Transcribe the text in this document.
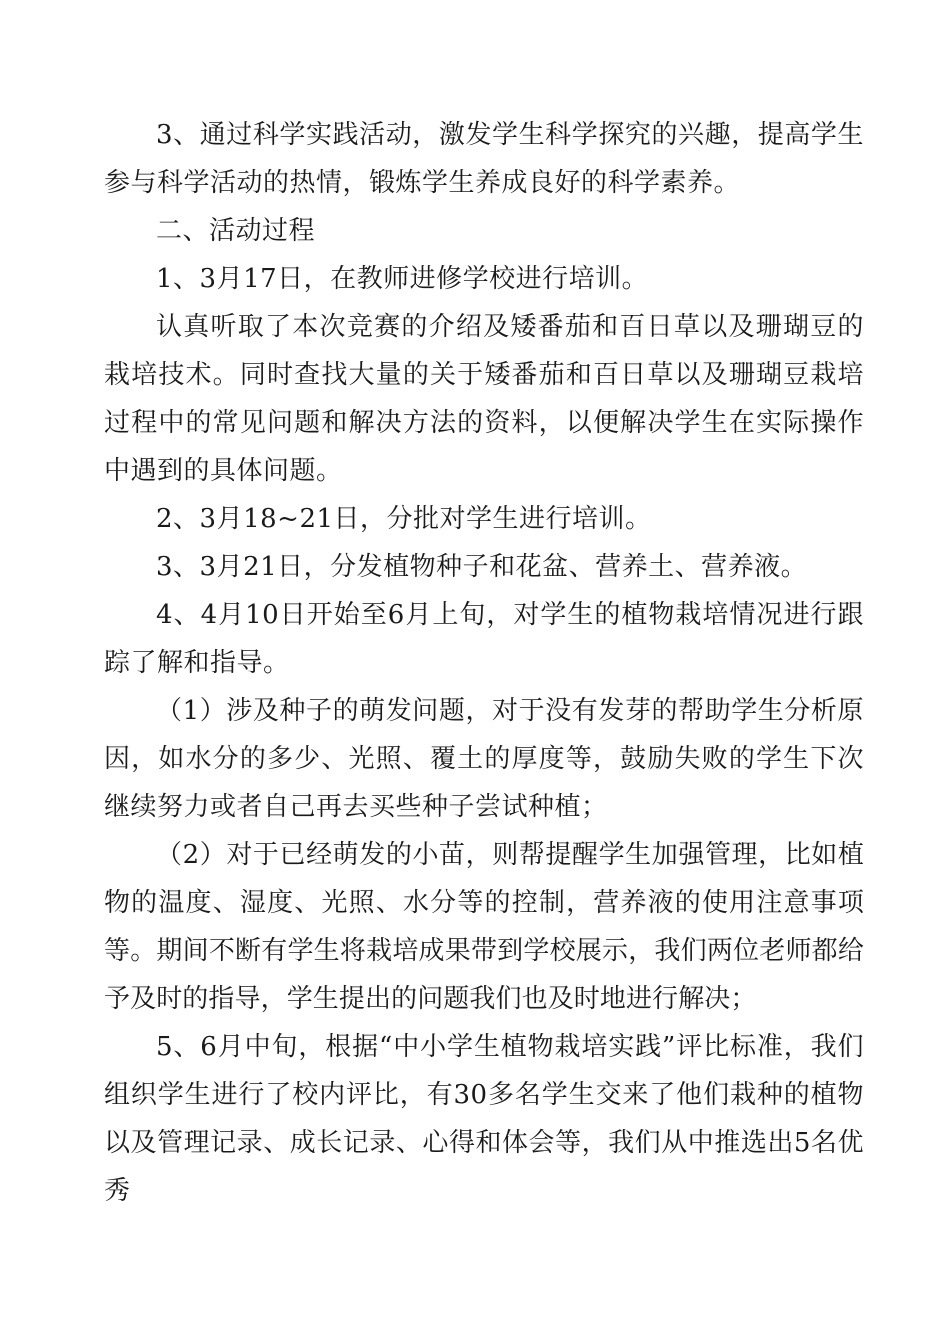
3、通过科学实践活动，激发学生科学探究的兴趣，提高学生参与科学活动的热情，锻炼学生养成良好的科学素养。

二、活动过程

1、3月17日，在教师进修学校进行培训。

认真听取了本次竞赛的介绍及矮番茄和百日草以及珊瑚豆的栽培技术。同时查找大量的关于矮番茄和百日草以及珊瑚豆栽培过程中的常见问题和解决方法的资料，以便解决学生在实际操作中遇到的具体问题。

2、3月18~21日，分批对学生进行培训。

3、3月21日，分发植物种子和花盆、营养土、营养液。

4、4月10日开始至6月上旬，对学生的植物栽培情况进行跟踪了解和指导。

（1）涉及种子的萌发问题，对于没有发芽的帮助学生分析原因，如水分的多少、光照、覆土的厚度等，鼓励失败的学生下次继续努力或者自己再去买些种子尝试种植；

（2）对于已经萌发的小苗，则帮提醒学生加强管理，比如植物的温度、湿度、光照、水分等的控制，营养液的使用注意事项等。期间不断有学生将栽培成果带到学校展示，我们两位老师都给予及时的指导，学生提出的问题我们也及时地进行解决；

5、6月中旬，根据“中小学生植物栽培实践”评比标准，我们组织学生进行了校内评比，有30多名学生交来了他们栽种的植物以及管理记录、成长记录、心得和体会等，我们从中推选出5名优秀
